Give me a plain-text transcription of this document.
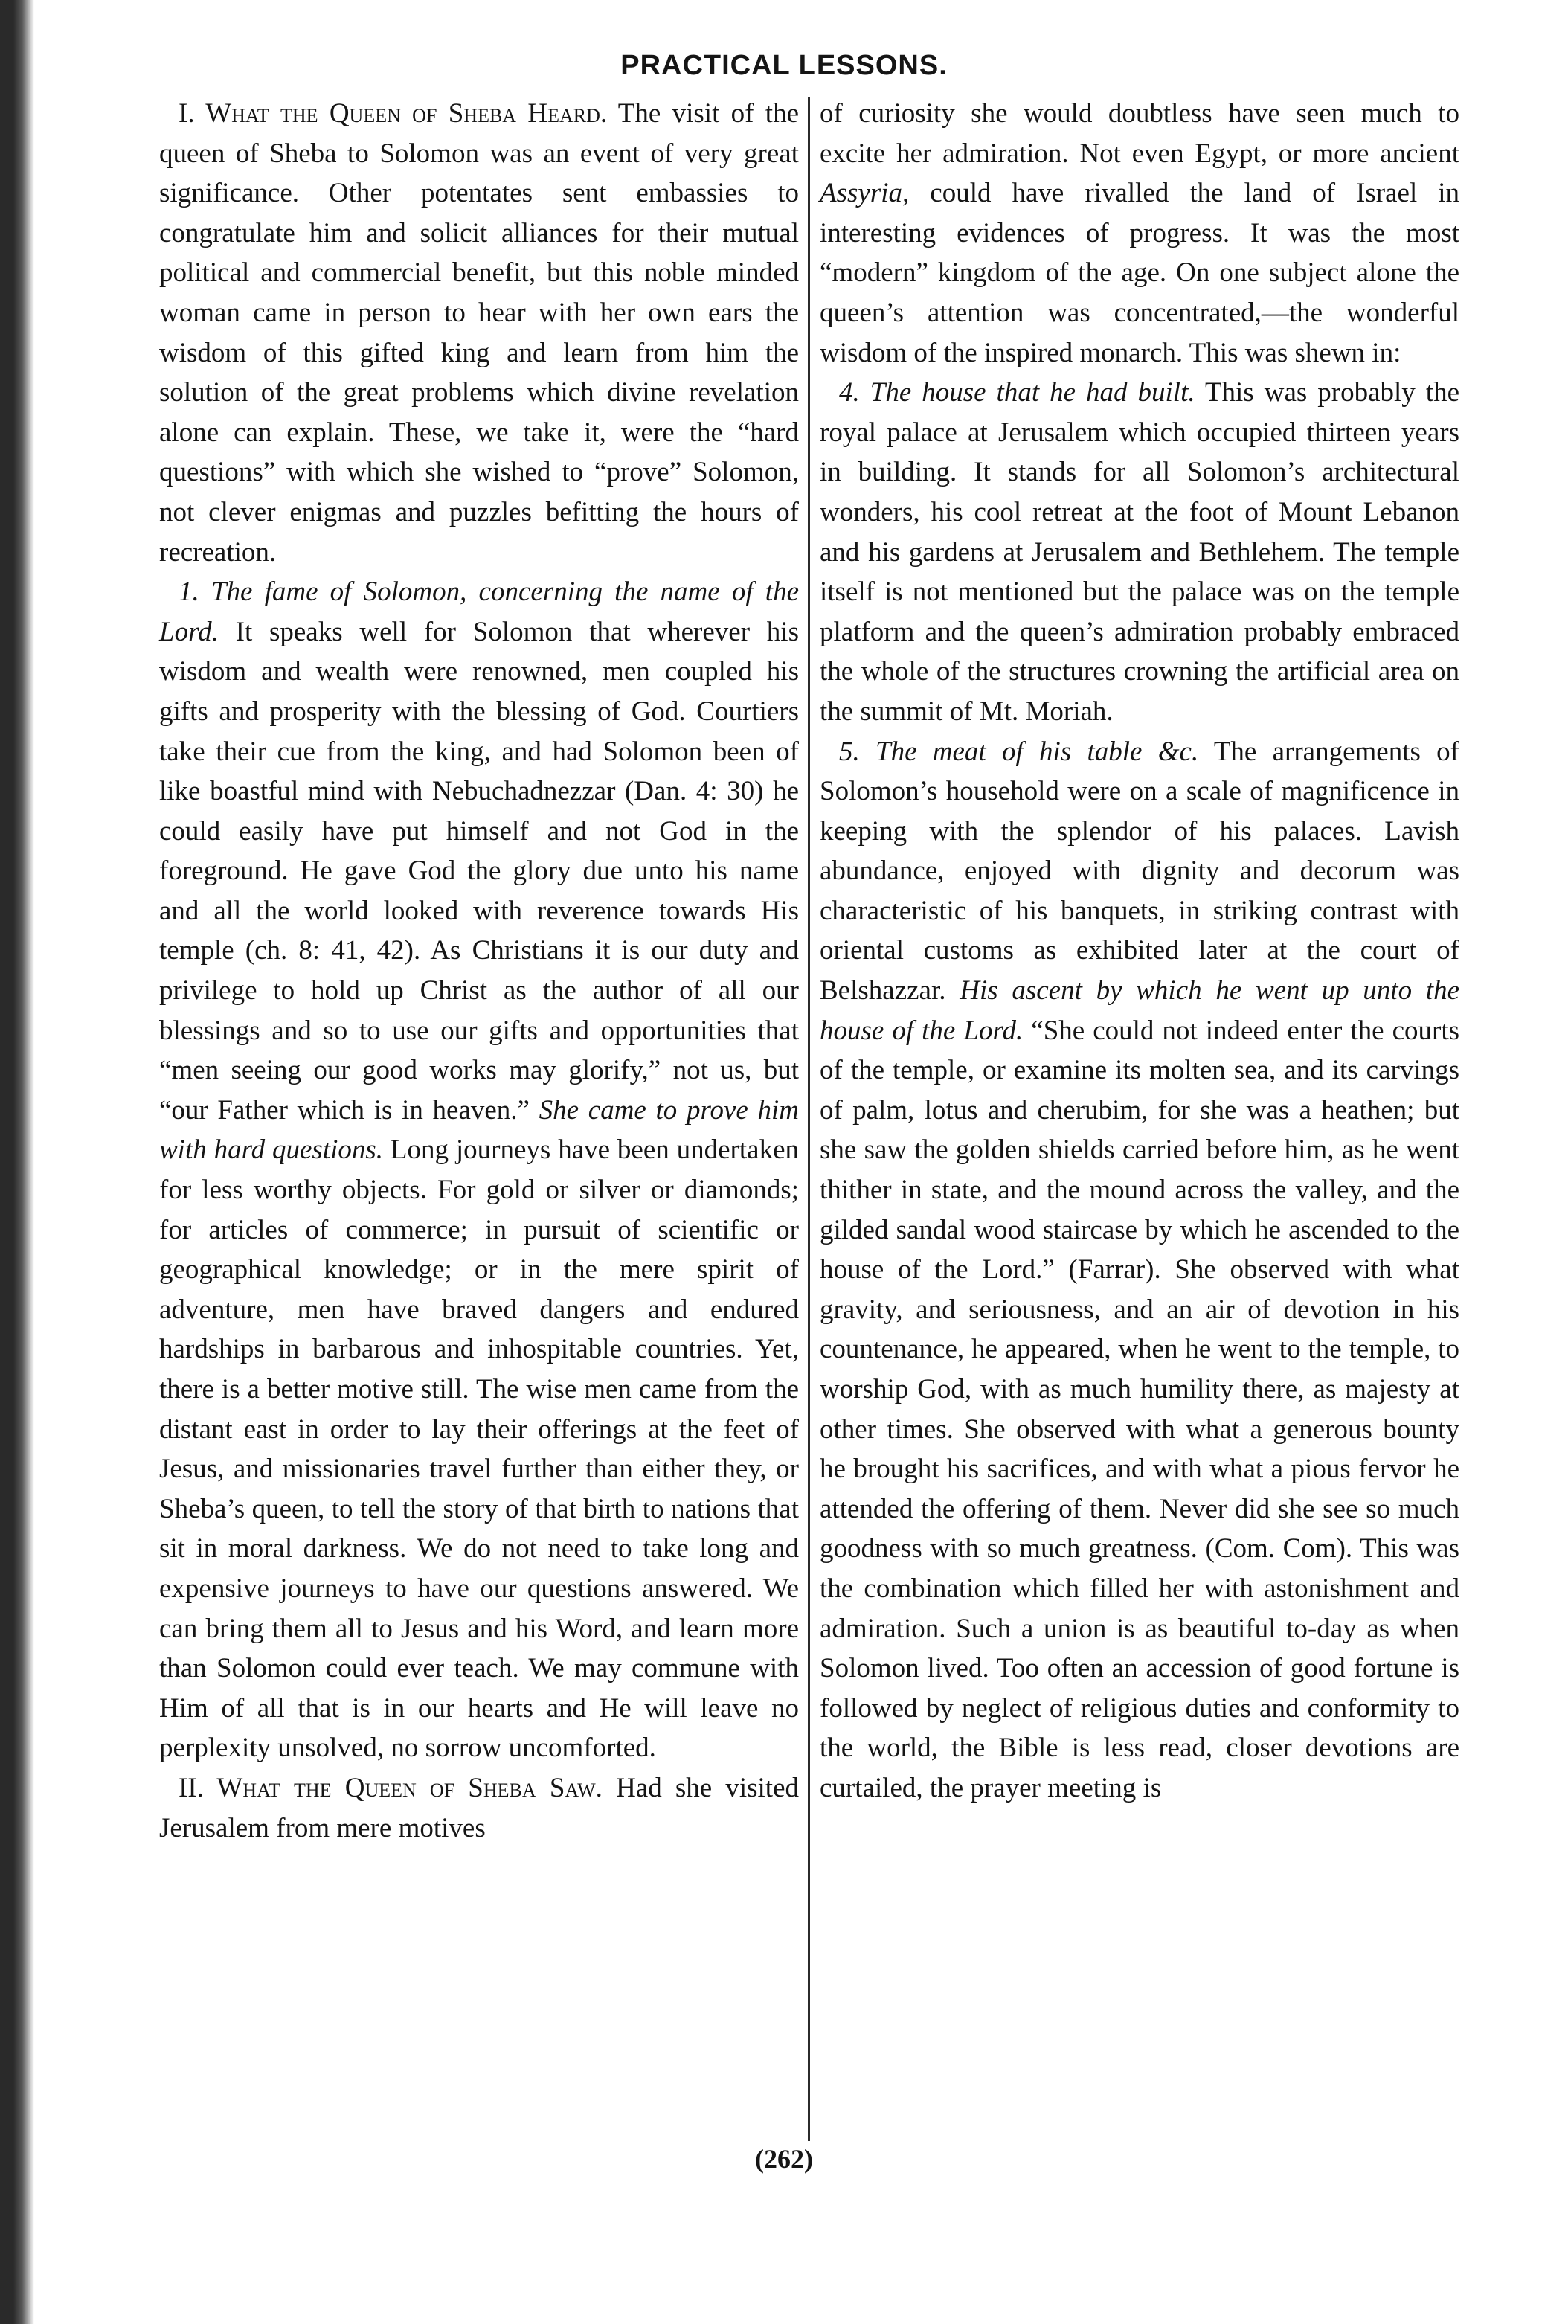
PRACTICAL LESSONS.

I. What the Queen of Sheba Heard. The visit of the queen of Sheba to Solomon was an event of very great significance. Other potentates sent embassies to congratulate him and solicit alliances for their mutual political and commercial benefit, but this noble minded woman came in person to hear with her own ears the wisdom of this gifted king and learn from him the solution of the great problems which divine revelation alone can explain. These, we take it, were the “hard questions” with which she wished to “prove” Solomon, not clever enigmas and puzzles befitting the hours of recreation.

1. The fame of Solomon, concerning the name of the Lord. It speaks well for Solomon that wherever his wisdom and wealth were renowned, men coupled his gifts and prosperity with the blessing of God. Courtiers take their cue from the king, and had Solomon been of like boastful mind with Nebuchadnezzar (Dan. 4: 30) he could easily have put himself and not God in the foreground. He gave God the glory due unto his name and all the world looked with reverence towards His temple (ch. 8: 41, 42). As Christians it is our duty and privilege to hold up Christ as the author of all our blessings and so to use our gifts and opportunities that “men seeing our good works may glorify,” not us, but “our Father which is in heaven.” She came to prove him with hard questions. Long journeys have been undertaken for less worthy objects. For gold or silver or diamonds; for articles of commerce; in pursuit of scientific or geographical knowledge; or in the mere spirit of adventure, men have braved dangers and endured hardships in barbarous and inhospitable countries. Yet, there is a better motive still. The wise men came from the distant east in order to lay their offerings at the feet of Jesus, and missionaries travel further than either they, or Sheba’s queen, to tell the story of that birth to nations that sit in moral darkness. We do not need to take long and expensive journeys to have our questions answered. We can bring them all to Jesus and his Word, and learn more than Solomon could ever teach. We may commune with Him of all that is in our hearts and He will leave no perplexity unsolved, no sorrow uncomforted.

II. What the Queen of Sheba Saw. Had she visited Jerusalem from mere motives

of curiosity she would doubtless have seen much to excite her admiration. Not even Egypt, or more ancient Assyria, could have rivalled the land of Israel in interesting evidences of progress. It was the most “modern” kingdom of the age. On one subject alone the queen’s attention was concentrated,—the wonderful wisdom of the inspired monarch. This was shewn in:

4. The house that he had built. This was probably the royal palace at Jerusalem which occupied thirteen years in building. It stands for all Solomon’s architectural wonders, his cool retreat at the foot of Mount Lebanon and his gardens at Jerusalem and Bethlehem. The temple itself is not mentioned but the palace was on the temple platform and the queen’s admiration probably embraced the whole of the structures crowning the artificial area on the summit of Mt. Moriah.

5. The meat of his table &c. The arrangements of Solomon’s household were on a scale of magnificence in keeping with the splendor of his palaces. Lavish abundance, enjoyed with dignity and decorum was characteristic of his banquets, in striking contrast with oriental customs as exhibited later at the court of Belshazzar. His ascent by which he went up unto the house of the Lord. “She could not indeed enter the courts of the temple, or examine its molten sea, and its carvings of palm, lotus and cherubim, for she was a heathen; but she saw the golden shields carried before him, as he went thither in state, and the mound across the valley, and the gilded sandal wood staircase by which he ascended to the house of the Lord.” (Farrar). She observed with what gravity, and seriousness, and an air of devotion in his countenance, he appeared, when he went to the temple, to worship God, with as much humility there, as majesty at other times. She observed with what a generous bounty he brought his sacrifices, and with what a pious fervor he attended the offering of them. Never did she see so much goodness with so much greatness. (Com. Com). This was the combination which filled her with astonishment and admiration. Such a union is as beautiful to-day as when Solomon lived. Too often an accession of good fortune is followed by neglect of religious duties and conformity to the world, the Bible is less read, closer devotions are curtailed, the prayer meeting is

(262)
